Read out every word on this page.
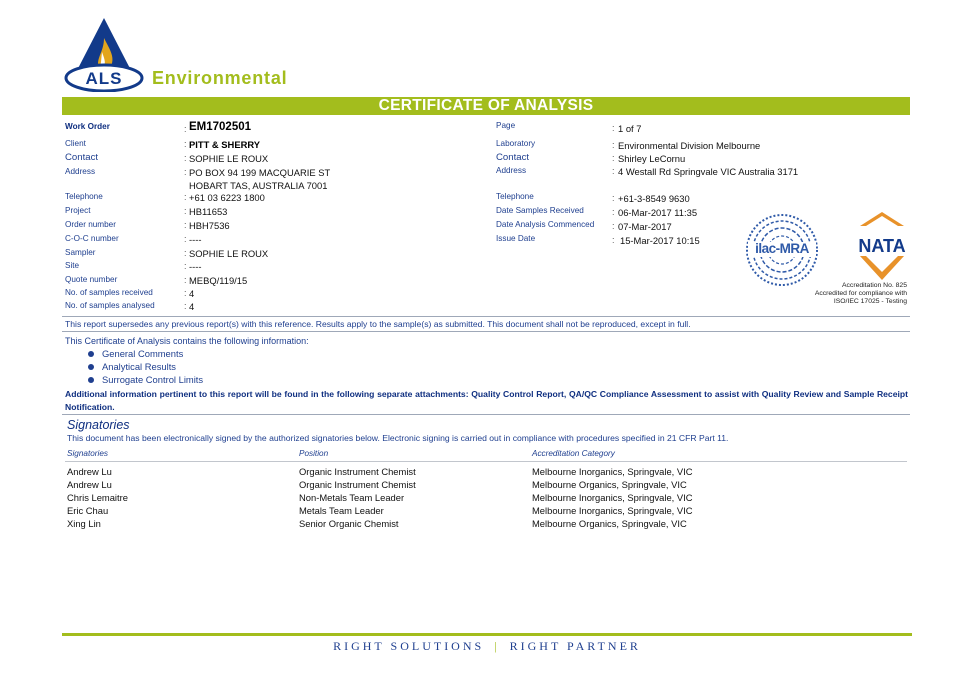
ALS	Environmental
CERTIFICATE OF ANALYSIS
Work Order	: EM1702501
Client	: PITT & SHERRY
Contact	: SOPHIE LE ROUX
Address	: PO BOX 94 199 MACQUARIE ST
HOBART TAS, AUSTRALIA 7001
Telephone	: +61 03 6223 1800
Project	: HB11653
Order number	: HBH7536
C-O-C number	: ----
Sampler	: SOPHIE LE ROUX
Site	: ----
Quote number	: MEBQ/119/15
No. of samples received	: 4
No. of samples analysed	: 4
Page	: 1 of 7
Laboratory	: Environmental Division Melbourne
Contact	: Shirley LeCornu
Address	: 4 Westall Rd Springvale VIC Australia 3171
Telephone	: +61-3-8549 9630
Date Samples Received	: 06-Mar-2017 11:35
Date Analysis Commenced : 07-Mar-2017
Issue Date	: 15-Mar-2017 10:15
ilac-MRA	NATA
Accreditation No. 825
Accredited for compliance with
ISO/IEC 17025 - Testing
This report supersedes any previous report(s) with this reference. Results apply to the sample(s) as submitted. This document shall not be reproduced, except in full.
This Certificate of Analysis contains the following information:
General Comments
Analytical Results
Surrogate Control Limits
Additional information pertinent to this report will be found in the following separate attachments: Quality Control Report, QA/QC Compliance Assessment to assist with Quality Review and Sample Receipt Notification.
Signatories
This document has been electronically signed by the authorized signatories below. Electronic signing is carried out in compliance with procedures specified in 21 CFR Part 11.
Signatories	Position	Accreditation Category
Andrew Lu	Organic Instrument Chemist	Melbourne Inorganics, Springvale, VIC
Andrew Lu	Organic Instrument Chemist	Melbourne Organics, Springvale, VIC
Chris Lemaitre	Non-Metals Team Leader	Melbourne Inorganics, Springvale, VIC
Eric Chau	Metals Team Leader	Melbourne Inorganics, Springvale, VIC
Xing Lin	Senior Organic Chemist	Melbourne Organics, Springvale, VIC
RIGHT SOLUTIONS | RIGHT PARTNER
